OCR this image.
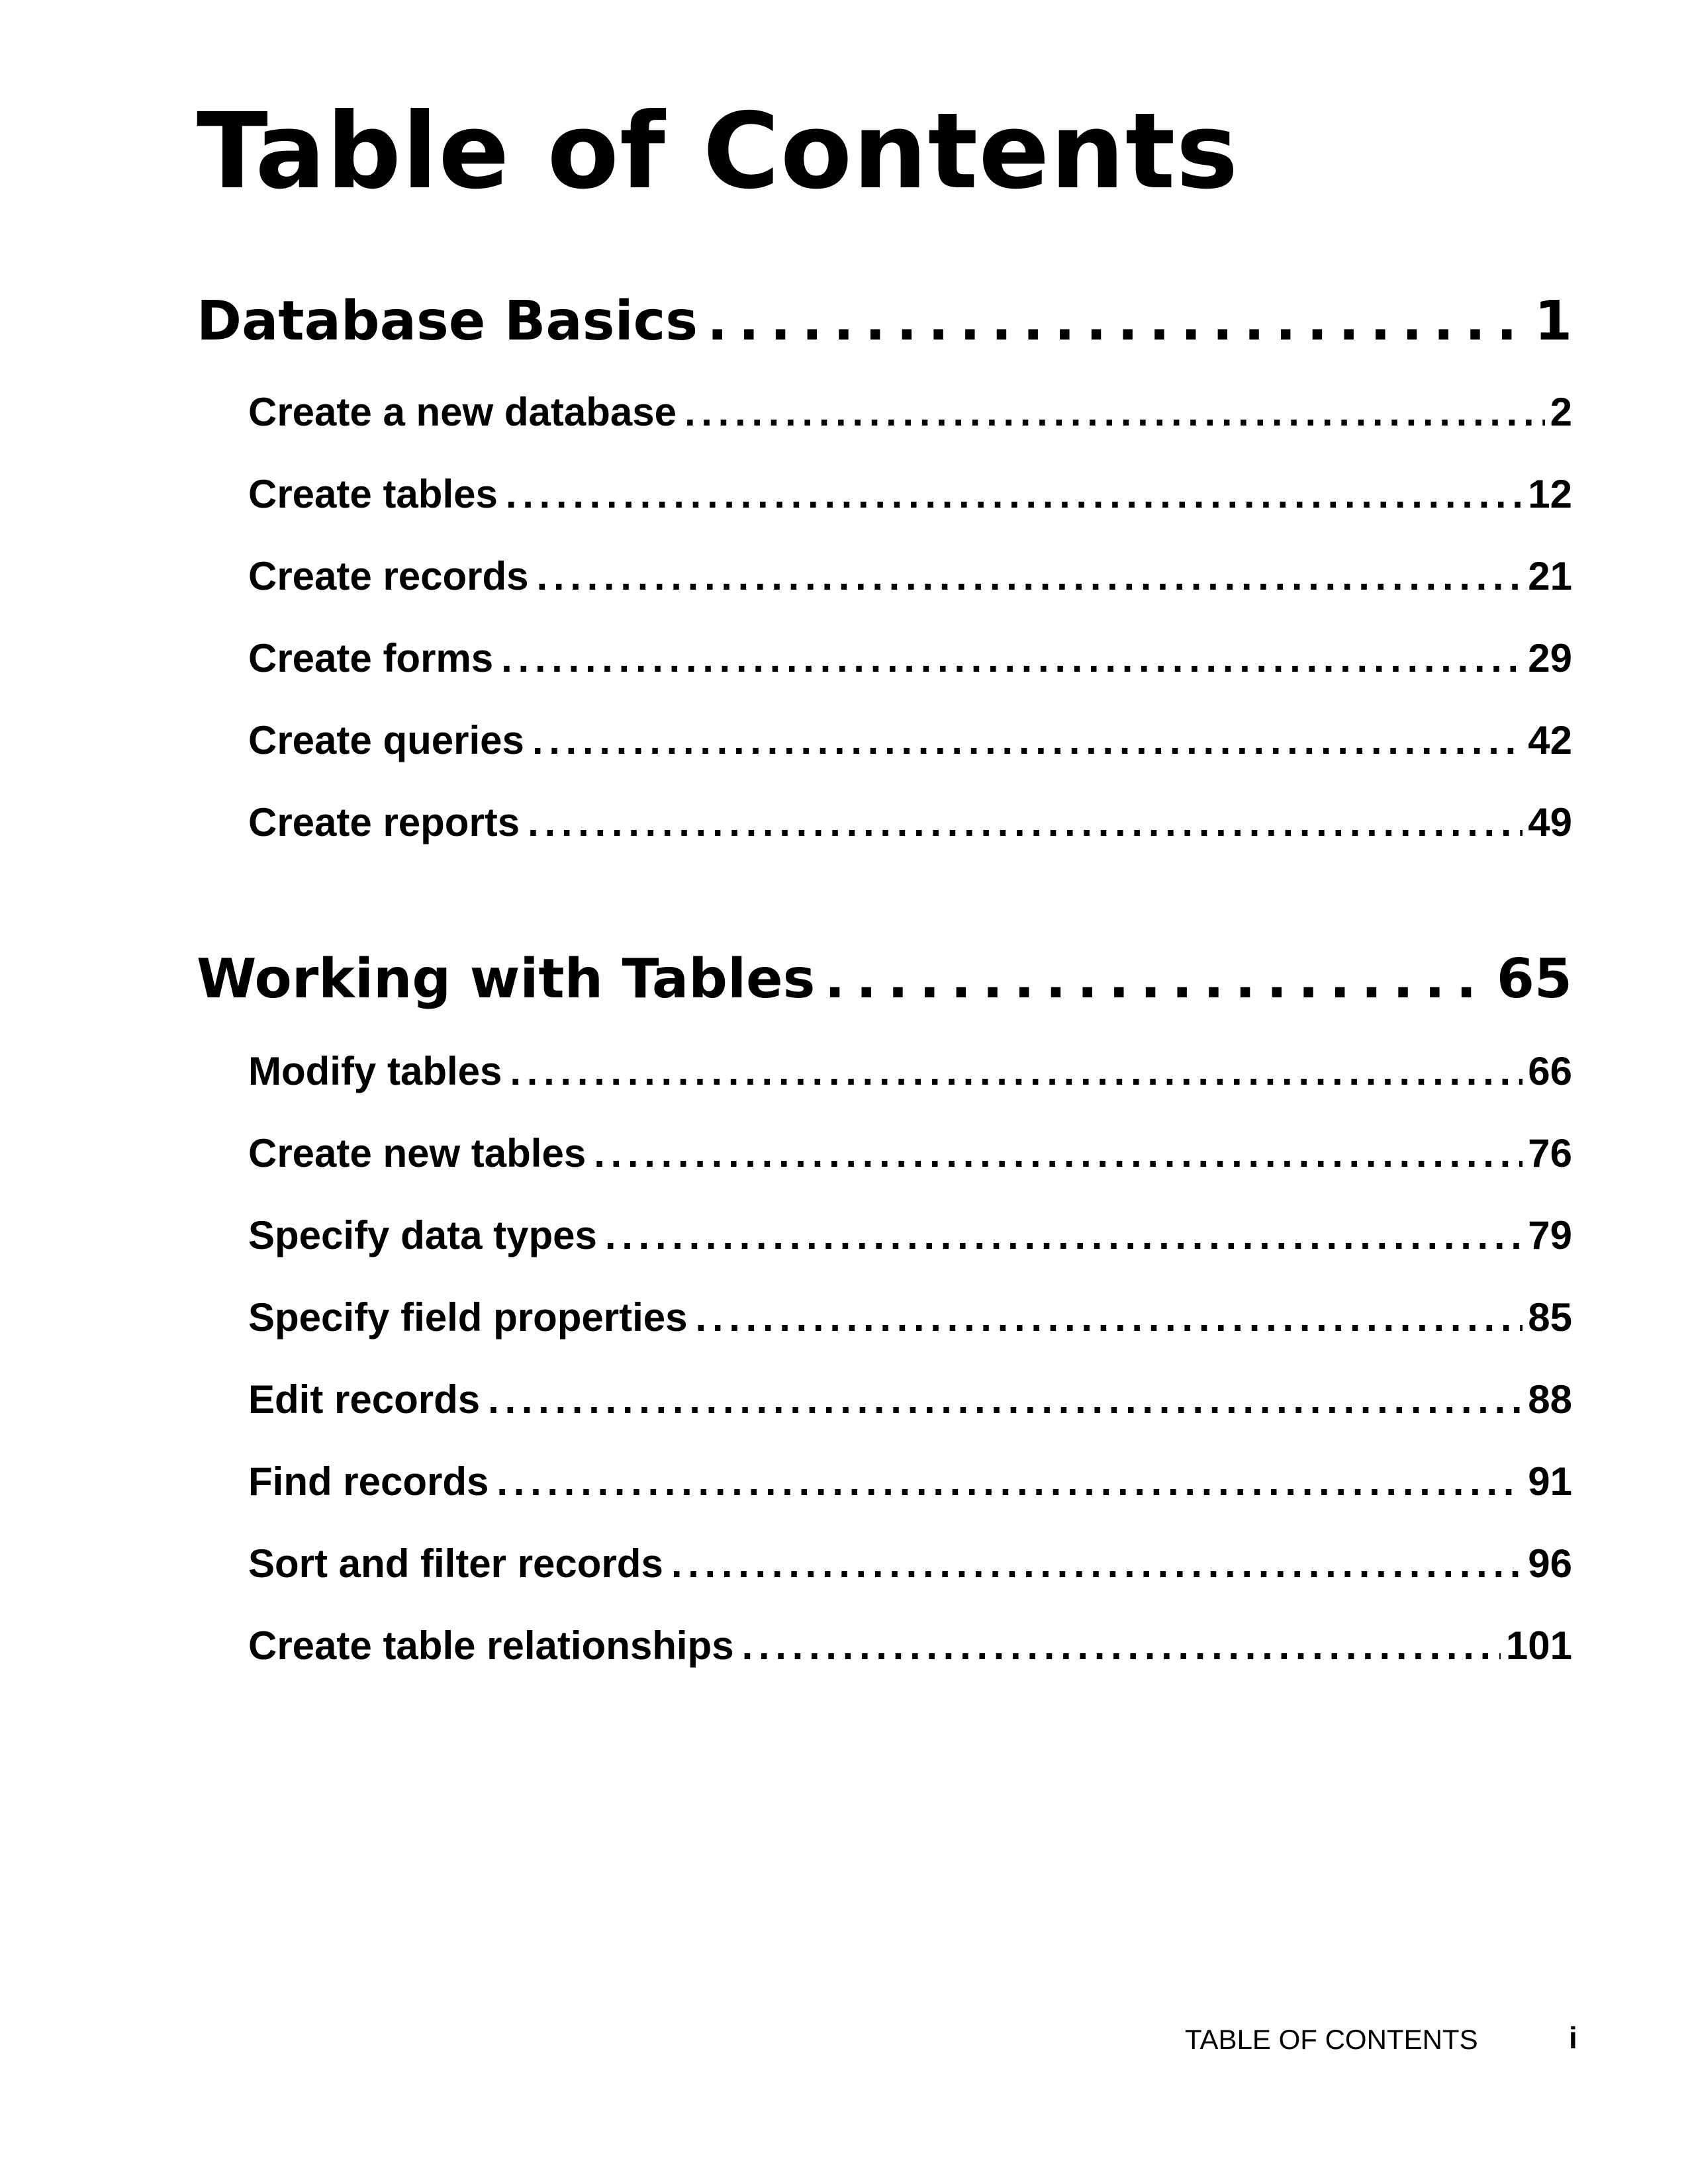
Table of Contents
Database Basics . . .	1
Create a new database . . .	2
Create tables . . .	12
Create records . . .	21
Create forms . . .	29
Create queries . . .	42
Create reports . . .	49
Working with Tables . . .	65
Modify tables . . .	66
Create new tables . . .	76
Specify data types . . .	79
Specify field properties . . .	85
Edit records . . .	88
Find records . . .	91
Sort and filter records . . .	96
Create table relationships . . .	101
TABLE OF CONTENTS	i
